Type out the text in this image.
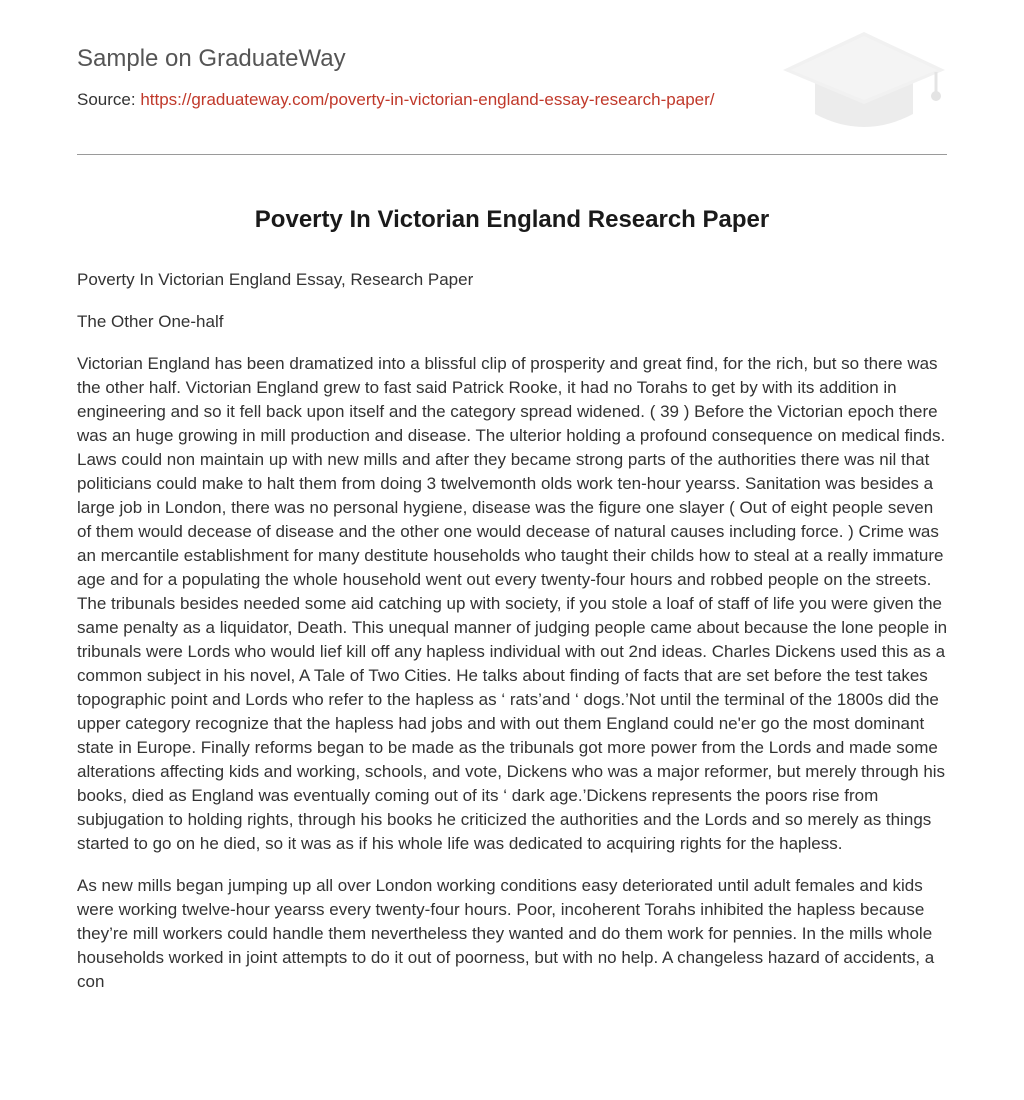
Sample on GraduateWay
Source: https://graduateway.com/poverty-in-victorian-england-essay-research-paper/
Poverty In Victorian England Research Paper

Poverty In Victorian England Essay, Research Paper

The Other One-half

Victorian England has been dramatized into a blissful clip of prosperity and great find, for the rich, but so there was the other half. Victorian England grew to fast said Patrick Rooke, it had no Torahs to get by with its addition in engineering and so it fell back upon itself and the category spread widened. ( 39 ) Before the Victorian epoch there was an huge growing in mill production and disease. The ulterior holding a profound consequence on medical finds. Laws could non maintain up with new mills and after they became strong parts of the authorities there was nil that politicians could make to halt them from doing 3 twelvemonth olds work ten-hour yearss. Sanitation was besides a large job in London, there was no personal hygiene, disease was the figure one slayer ( Out of eight people seven of them would decease of disease and the other one would decease of natural causes including force. ) Crime was an mercantile establishment for many destitute households who taught their childs how to steal at a really immature age and for a populating the whole household went out every twenty-four hours and robbed people on the streets. The tribunals besides needed some aid catching up with society, if you stole a loaf of staff of life you were given the same penalty as a liquidator, Death. This unequal manner of judging people came about because the lone people in tribunals were Lords who would lief kill off any hapless individual with out 2nd ideas. Charles Dickens used this as a common subject in his novel, A Tale of Two Cities. He talks about finding of facts that are set before the test takes topographic point and Lords who refer to the hapless as ‘ rats’and ‘ dogs.’Not until the terminal of the 1800s did the upper category recognize that the hapless had jobs and with out them England could ne'er go the most dominant state in Europe. Finally reforms began to be made as the tribunals got more power from the Lords and made some alterations affecting kids and working, schools, and vote, Dickens who was a major reformer, but merely through his books, died as England was eventually coming out of its ‘ dark age.’Dickens represents the poors rise from subjugation to holding rights, through his books he criticized the authorities and the Lords and so merely as things started to go on he died, so it was as if his whole life was dedicated to acquiring rights for the hapless.

As new mills began jumping up all over London working conditions easy deteriorated until adult females and kids were working twelve-hour yearss every twenty-four hours. Poor, incoherent Torahs inhibited the hapless because they’re mill workers could handle them nevertheless they wanted and do them work for pennies. In the mills whole households worked in joint attempts to do it out of poorness, but with no help. A changeless hazard of accidents, a con
